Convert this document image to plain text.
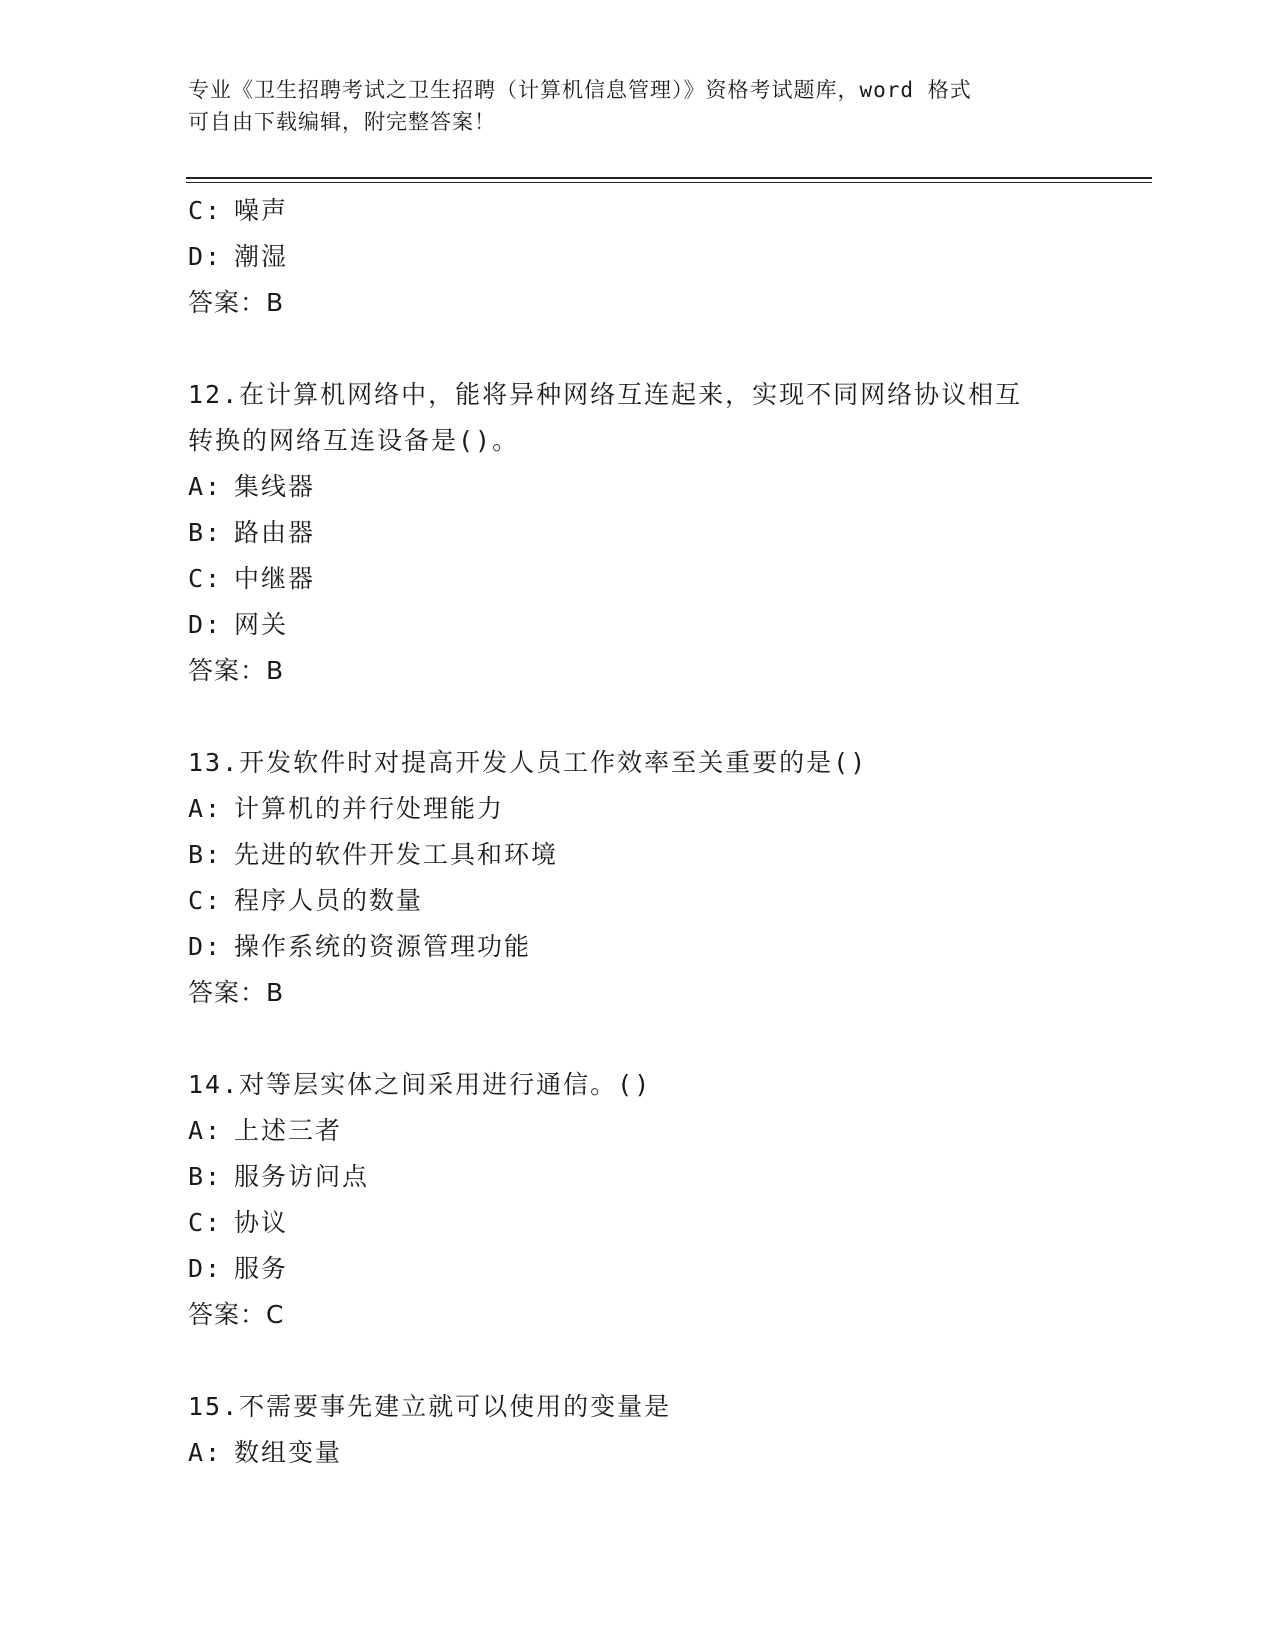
专业《卫生招聘考试之卫生招聘（计算机信息管理）》资格考试题库，word 格式
可自由下载编辑，附完整答案！
C: 噪声
D: 潮湿
答案：B
12.在计算机网络中，能将异种网络互连起来，实现不同网络协议相互
转换的网络互连设备是()。
A: 集线器
B: 路由器
C: 中继器
D: 网关
答案：B
13.开发软件时对提高开发人员工作效率至关重要的是()
A: 计算机的并行处理能力
B: 先进的软件开发工具和环境
C: 程序人员的数量
D: 操作系统的资源管理功能
答案：B
14.对等层实体之间采用进行通信。()
A: 上述三者
B: 服务访问点
C: 协议
D: 服务
答案：C
15.不需要事先建立就可以使用的变量是
A: 数组变量
